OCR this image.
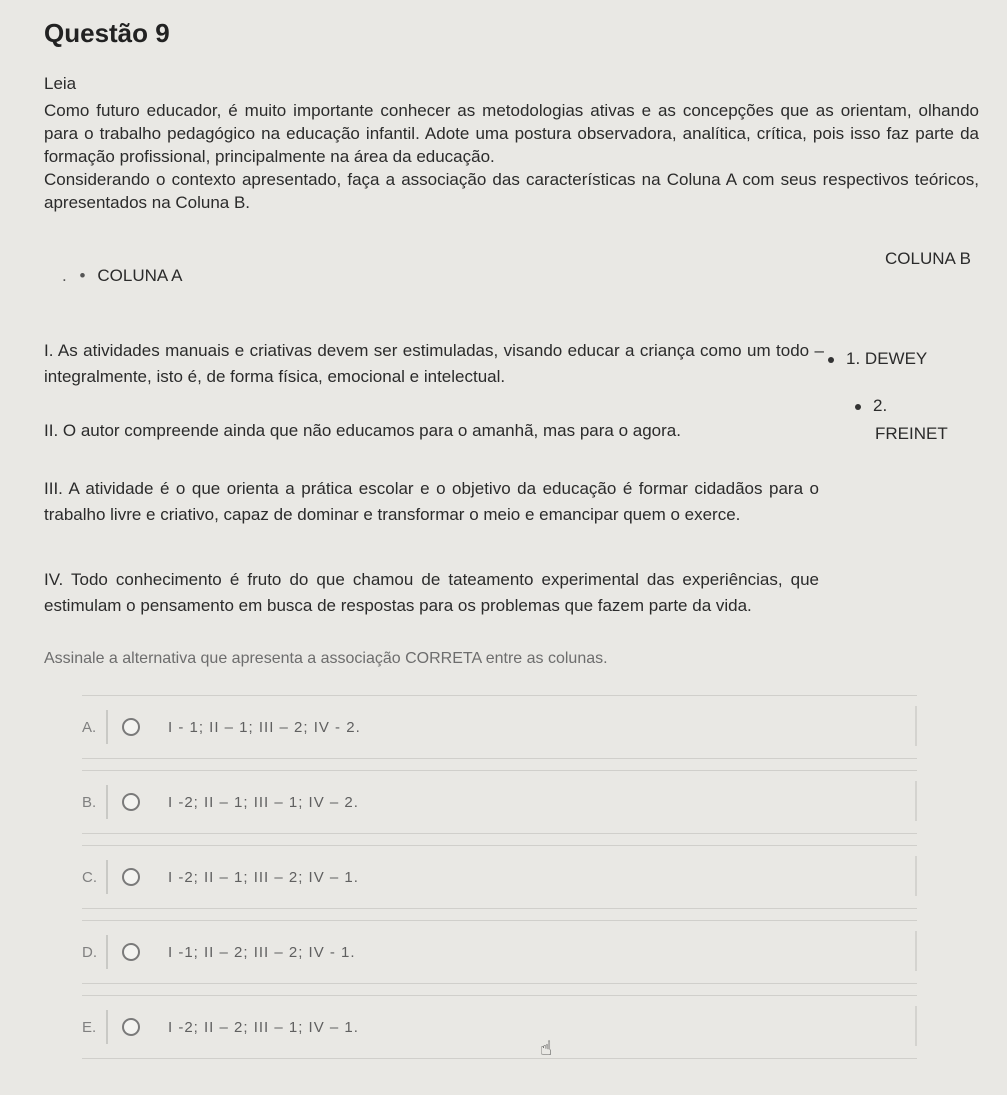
Questão 9

Leia

Como futuro educador, é muito importante conhecer as metodologias ativas e as concepções que as orientam, olhando para o trabalho pedagógico na educação infantil. Adote uma postura observadora, analítica, crítica, pois isso faz parte da formação profissional, principalmente na área da educação.

Considerando o contexto apresentado, faça a associação das características na Coluna A com seus respectivos teóricos, apresentados na Coluna B.

. • COLUNA A
COLUNA B
I. As atividades manuais e criativas devem ser estimuladas, visando educar a criança como um todo – integralmente, isto é, de forma física, emocional e intelectual.
II. O autor compreende ainda que não educamos para o amanhã, mas para o agora.
III. A atividade é o que orienta a prática escolar e o objetivo da educação é formar cidadãos para o trabalho livre e criativo, capaz de dominar e transformar o meio e emancipar quem o exerce.
IV. Todo conhecimento é fruto do que chamou de tateamento experimental das experiências, que estimulam o pensamento em busca de respostas para os problemas que fazem parte da vida.
1. DEWEY
2.
FREINET
Assinale a alternativa que apresenta a associação CORRETA entre as colunas.
A.	I - 1; II – 1; III – 2; IV - 2.
B.	I -2; II – 1; III – 1; IV – 2.
C.	I -2; II – 1; III – 2; IV – 1.
D.	I -1; II – 2; III – 2; IV - 1.
E.	I -2; II – 2; III – 1; IV – 1.
☝
